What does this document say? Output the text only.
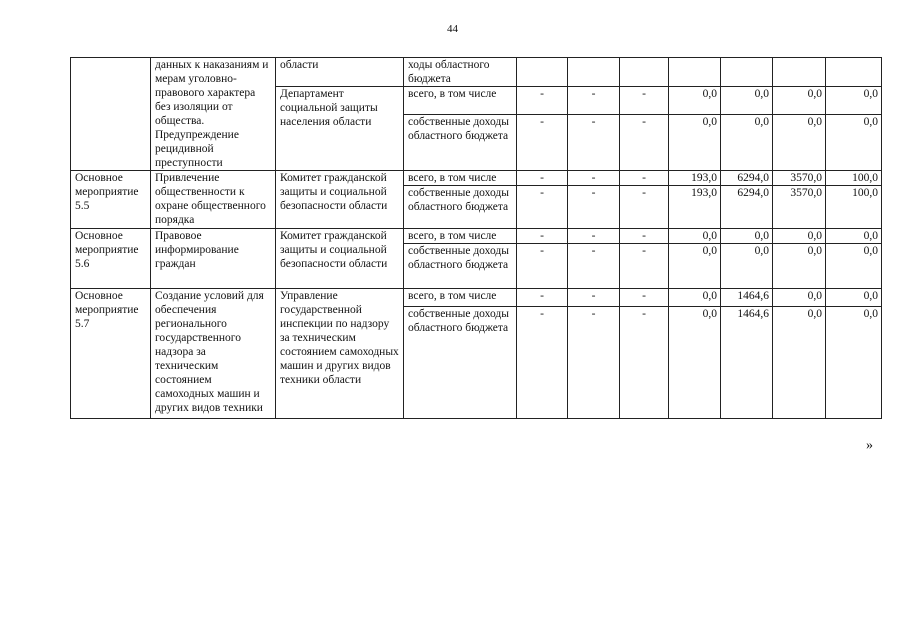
44
	данных к наказаниям и мерам уголовно-правового характера без изоляции от общества. Предупреждение рецидивной преступности	области	ходы областного бюджета							
		Департамент социальной защиты населения области	всего, в том числе	-	-	-	0,0	0,0	0,0	0,0
			собственные доходы областного бюджета	-	-	-	0,0	0,0	0,0	0,0
Основное мероприятие 5.5	Привлечение общественности к охране общественного порядка	Комитет гражданской защиты и социальной безопасности области	всего, в том числе	-	-	-	193,0	6294,0	3570,0	100,0
			собственные доходы областного бюджета	-	-	-	193,0	6294,0	3570,0	100,0
Основное мероприятие 5.6	Правовое информирование граждан	Комитет гражданской защиты и социальной безопасности области	всего, в том числе	-	-	-	0,0	0,0	0,0	0,0
			собственные доходы областного бюджета	-	-	-	0,0	0,0	0,0	0,0
Основное мероприятие 5.7	Создание условий для обеспечения регионального государственного надзора за техническим состоянием самоходных машин и других видов техники	Управление государственной инспекции по надзору за техническим состоянием самоходных машин и других видов техники области	всего, в том числе	-	-	-	0,0	1464,6	0,0	0,0
			собственные доходы областного бюджета	-	-	-	0,0	1464,6	0,0	0,0
»
